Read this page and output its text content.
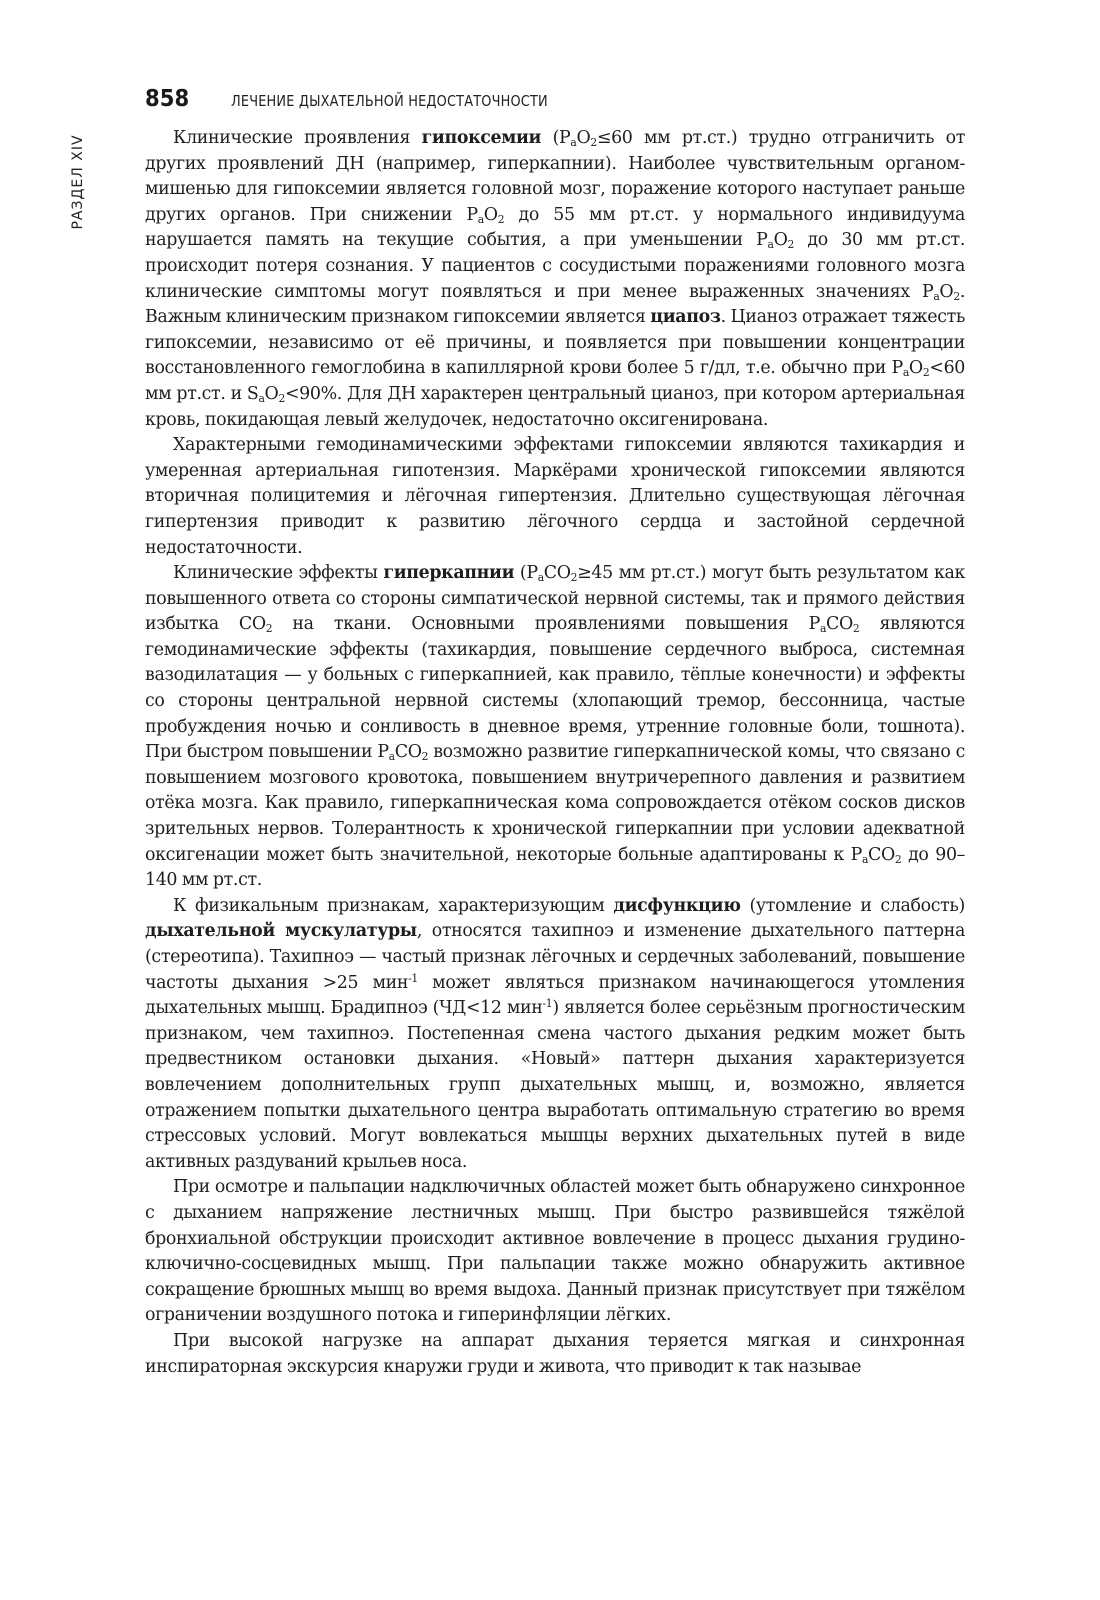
858	ЛЕЧЕНИЕ ДЫХАТЕЛЬНОЙ НЕДОСТАТОЧНОСТИ
РАЗДЕЛ XIV	Клинические проявления гипоксемии ($P_aO_2\le 60$ мм рт.ст.) трудно отграничить от других проявлений ДН (например, гиперкапнии). Наиболее чувствительным органом-мишенью для гипоксемии является головной мозг, поражение которого наступает раньше других органов. При снижении $P_aO_2$ до 55 мм рт.ст. у нормального индивидуума нарушается память на текущие события, а при уменьшении $P_aO_2$ до 30 мм рт.ст. происходит потеря сознания. У пациентов с сосудистыми поражениями головного мозга клинические симптомы могут появляться и при менее выраженных значениях $P_aO_2$. Важным клиническим признаком гипоксемии является циапоз. Цианоз отражает тяжесть гипоксемии, независимо от её причины, и появляется при повышении концентрации восстановленного гемоглобина в капиллярной крови более 5 г/дл, т.е. обычно при $P_aO_2<60$ мм рт.ст. и $S_aO_2<90\%$. Для ДН характерен центральный цианоз, при котором артериальная кровь, покидающая левый желудочек, недостаточно оксигенирована.

Характерными гемодинамическими эффектами гипоксемии являются тахикардия и умеренная артериальная гипотензия. Маркёрами хронической гипоксемии являются вторичная полицитемия и лёгочная гипертензия. Длительно существующая лёгочная гипертензия приводит к развитию лёгочного сердца и застойной сердечной недостаточности.

Клинические эффекты гиперкапнии ($P_aCO_2\ge 45$ мм рт.ст.) могут быть результатом как повышенного ответа со стороны симпатической нервной системы, так и прямого действия избытка $CO_2$ на ткани. Основными проявлениями повышения $P_aCO_2$ являются гемодинамические эффекты (тахикардия, повышение сердечного выброса, системная вазодилатация — у больных с гиперкапнией, как правило, тёплые конечности) и эффекты со стороны центральной нервной системы (хлопающий тремор, бессонница, частые пробуждения ночью и сонливость в дневное время, утренние головные боли, тошнота). При быстром повышении $P_aCO_2$ возможно развитие гиперкапнической комы, что связано с повышением мозгового кровотока, повышением внутричерепного давления и развитием отёка мозга. Как правило, гиперкапническая кома сопровождается отёком сосков дисков зрительных нервов. Толерантность к хронической гиперкапнии при условии адекватной оксигенации может быть значительной, некоторые больные адаптированы к $P_aCO_2$ до 90–140 мм рт.ст.

К физикальным признакам, характеризующим дисфункцию (утомление и слабость) дыхательной мускулатуры, относятся тахипноэ и изменение дыхательного паттерна (стереотипа). Тахипноэ — частый признак лёгочных и сердечных заболеваний, повышение частоты дыхания >25 мин$^{-1}$ может являться признаком начинающегося утомления дыхательных мышц. Брадипноэ (ЧД<12 мин$^{-1}$) является более серьёзным прогностическим признаком, чем тахипноэ. Постепенная смена частого дыхания редким может быть предвестником остановки дыхания. «Новый» паттерн дыхания характеризуется вовлечением дополнительных групп дыхательных мышц, и, возможно, является отражением попытки дыхательного центра выработать оптимальную стратегию во время стрессовых условий. Могут вовлекаться мышцы верхних дыхательных путей в виде активных раздуваний крыльев носа.

При осмотре и пальпации надключичных областей может быть обнаружено синхронное с дыханием напряжение лестничных мышц. При быстро развившейся тяжёлой бронхиальной обструкции происходит активное вовлечение в процесс дыхания грудино-ключично-сосцевидных мышц. При пальпации также можно обнаружить активное сокращение брюшных мышц во время выдоха. Данный признак присутствует при тяжёлом ограничении воздушного потока и гиперинфляции лёгких.

При высокой нагрузке на аппарат дыхания теряется мягкая и синхронная инспираторная экскурсия кнаружи груди и живота, что приводит к так называе
